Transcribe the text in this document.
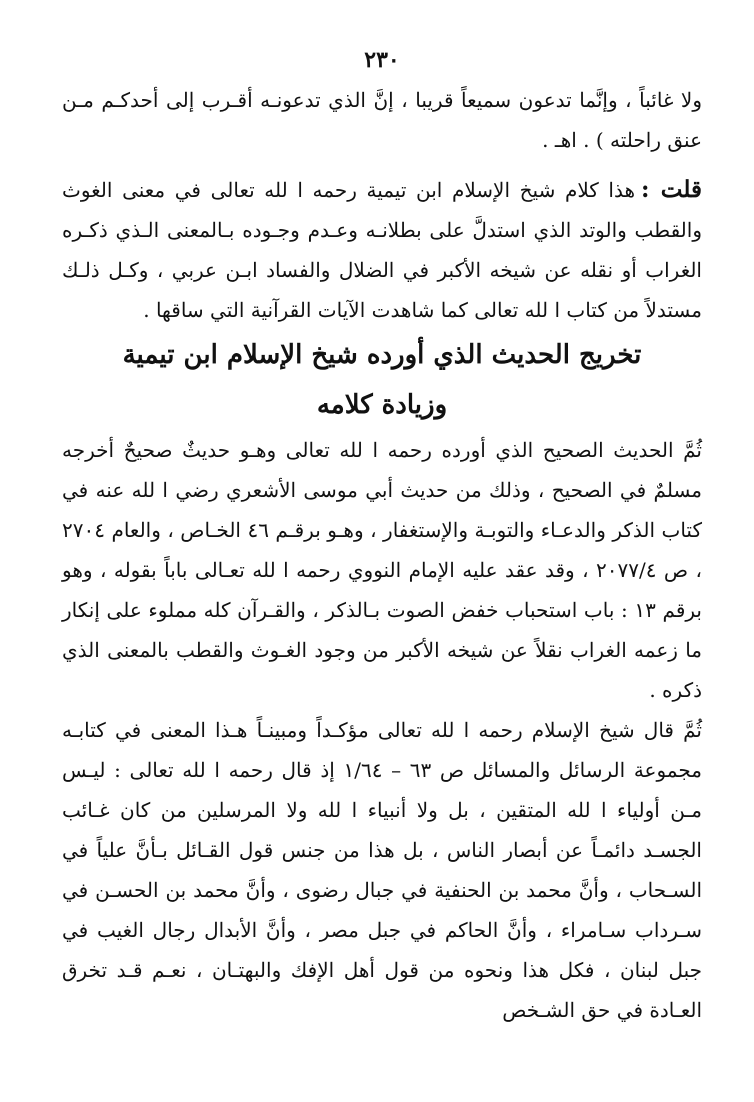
٢٣٠

ولا غائباً ، وإنَّما تدعون سميعاً قريبا ، إنَّ الذي تدعونـه أقـرب إلى أحدكـم مـن عنق راحلته ) . اهـ .

قلت :هذا كلام شيخ الإسلام ابن تيمية رحمه ا لله تعالى في معنى الغوث والقطب والوتد الذي استدلَّ على بطلانـه وعـدم وجـوده بـالمعنى الـذي ذكـره الغراب أو نقله عن شيخه الأكبر في الضلال والفساد ابـن عربي ، وكـل ذلـك مستدلاً من كتاب ا لله تعالى كما شاهدت الآيات القرآنية التي ساقها .

تخريج الحديث الذي أورده شيخ الإسلام ابن تيمية
وزيادة كلامه

ثُمَّ الحديث الصحيح الذي أورده رحمه ا لله تعالى وهـو حديثٌ صحيحٌ أخرجه مسلمٌ في الصحيح ، وذلك من حديث أبي موسى الأشعري رضي ا لله عنه في كتاب الذكر والدعـاء والتوبـة والإستغفار ، وهـو برقـم ٤٦ الخـاص ، والعام ٢٧٠٤ ، ص ٢٠٧٧/٤ ، وقد عقد عليه الإمام النووي رحمه ا لله تعـالى باباً بقوله ، وهو برقم ١٣ : باب استحباب خفض الصوت بـالذكر ، والقـرآن كله مملوء على إنكار ما زعمه الغراب نقلاً عن شيخه الأكبر من وجود الغـوث والقطب بالمعنى الذي ذكره .

ثُمَّ قال شيخ الإسلام رحمه ا لله تعالى مؤكـداً ومبينـاً هـذا المعنى في كتابـه مجموعة الرسائل والمسائل ص ٦٣ – ١/٦٤ إذ قال رحمه ا لله تعالى : ليـس مـن أولياء ا لله المتقين ، بل ولا أنبياء ا لله ولا المرسلين من كان غـائب الجسـد دائمـاً عن أبصار الناس ، بل هذا من جنس قول القـائل بـأنَّ علياً في السـحاب ، وأنَّ محمد بن الحنفية في جبال رضوى ، وأنَّ محمد بن الحسـن في سـرداب سـامراء ، وأنَّ الحاكم في جبل مصر ، وأنَّ الأبدال رجال الغيب في جبل لبنان ، فكل هذا ونحوه من قول أهل الإفك والبهتـان ، نعـم قـد تخرق العـادة في حق الشـخص
